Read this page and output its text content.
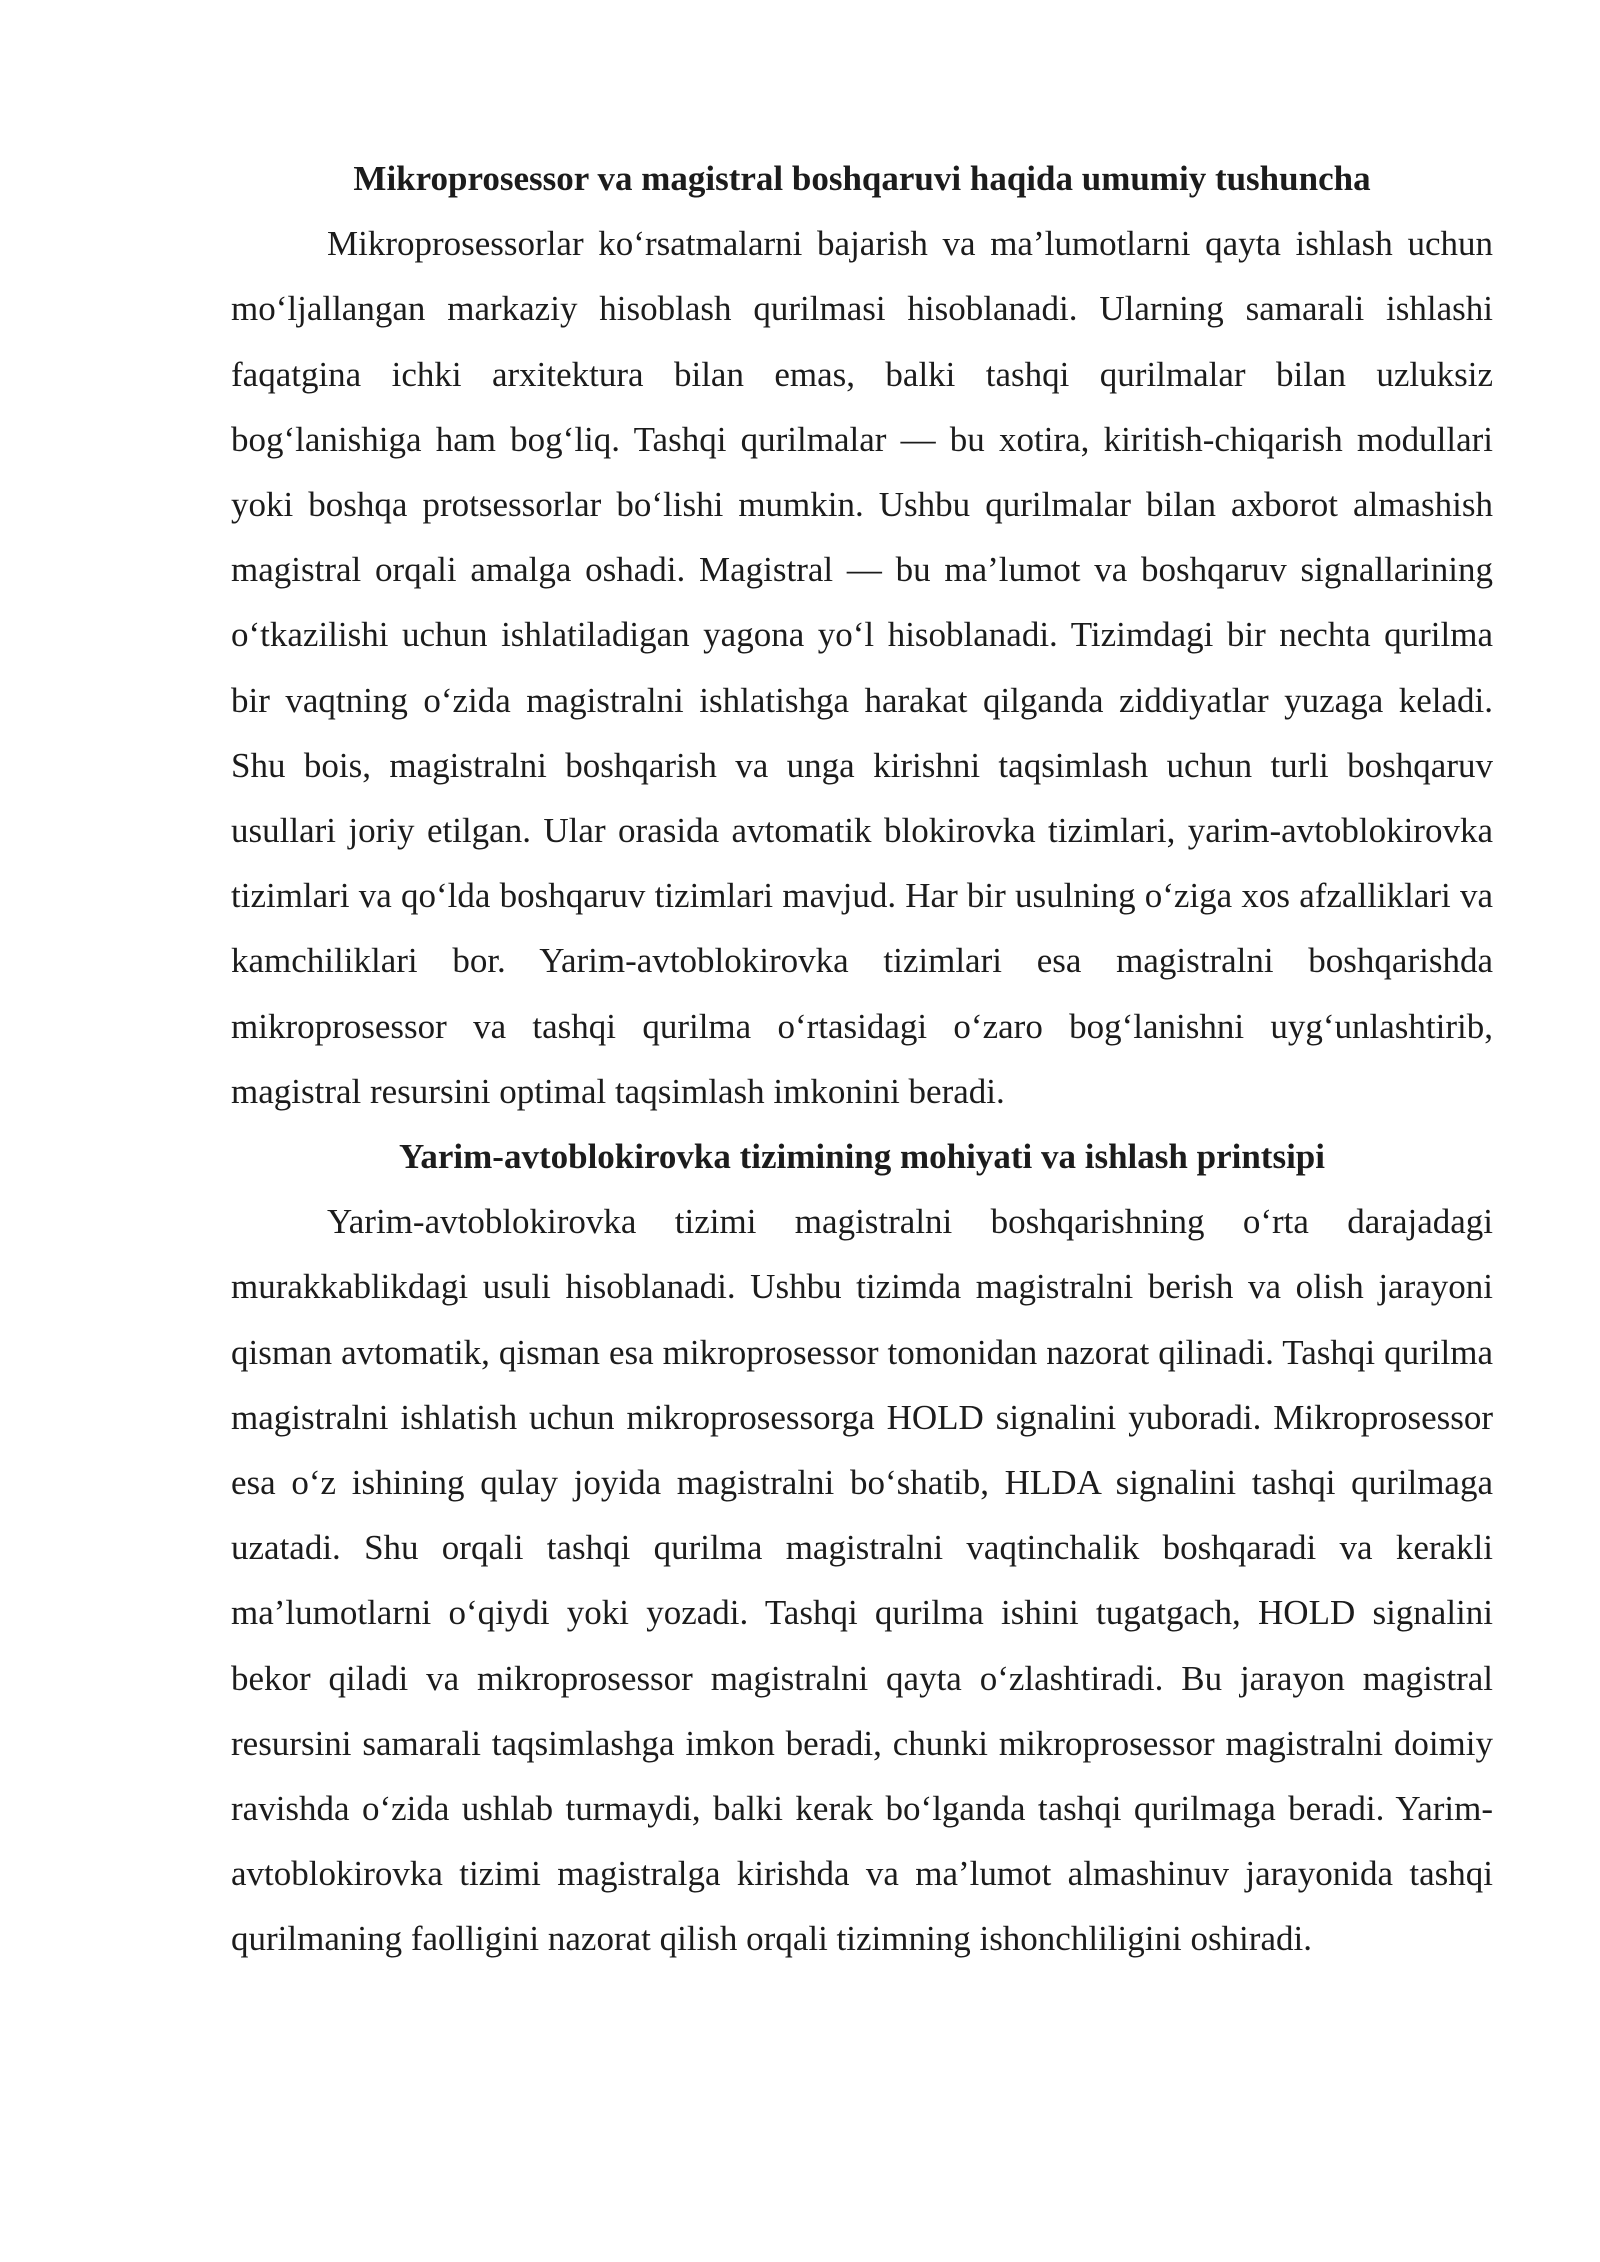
Mikroprosessor va magistral boshqaruvi haqida umumiy tushuncha

Mikroprosessorlar ko‘rsatmalarni bajarish va ma’lumotlarni qayta ishlash uchun mo‘ljallangan markaziy hisoblash qurilmasi hisoblanadi. Ularning samarali ishlashi faqatgina ichki arxitektura bilan emas, balki tashqi qurilmalar bilan uzluksiz bog‘lanishiga ham bog‘liq. Tashqi qurilmalar — bu xotira, kiritish-chiqarish modullari yoki boshqa protsessorlar bo‘lishi mumkin. Ushbu qurilmalar bilan axborot almashish magistral orqali amalga oshadi. Magistral — bu ma’lumot va boshqaruv signallarining o‘tkazilishi uchun ishlatiladigan yagona yo‘l hisoblanadi. Tizimdagi bir nechta qurilma bir vaqtning o‘zida magistralni ishlatishga harakat qilganda ziddiyatlar yuzaga keladi. Shu bois, magistralni boshqarish va unga kirishni taqsimlash uchun turli boshqaruv usullari joriy etilgan. Ular orasida avtomatik blokirovka tizimlari, yarim-avtoblokirovka tizimlari va qo‘lda boshqaruv tizimlari mavjud. Har bir usulning o‘ziga xos afzalliklari va kamchiliklari bor. Yarim-avtoblokirovka tizimlari esa magistralni boshqarishda mikroprosessor va tashqi qurilma o‘rtasidagi o‘zaro bog‘lanishni uyg‘unlashtirib, magistral resursini optimal taqsimlash imkonini beradi.

Yarim-avtoblokirovka tizimining mohiyati va ishlash printsipi

Yarim-avtoblokirovka tizimi magistralni boshqarishning o‘rta darajadagi murakkablikdagi usuli hisoblanadi. Ushbu tizimda magistralni berish va olish jarayoni qisman avtomatik, qisman esa mikroprosessor tomonidan nazorat qilinadi. Tashqi qurilma magistralni ishlatish uchun mikroprosessorga HOLD signalini yuboradi. Mikroprosessor esa o‘z ishining qulay joyida magistralni bo‘shatib, HLDA signalini tashqi qurilmaga uzatadi. Shu orqali tashqi qurilma magistralni vaqtinchalik boshqaradi va kerakli ma’lumotlarni o‘qiydi yoki yozadi. Tashqi qurilma ishini tugatgach, HOLD signalini bekor qiladi va mikroprosessor magistralni qayta o‘zlashtiradi. Bu jarayon magistral resursini samarali taqsimlashga imkon beradi, chunki mikroprosessor magistralni doimiy ravishda o‘zida ushlab turmaydi, balki kerak bo‘lganda tashqi qurilmaga beradi. Yarim-avtoblokirovka tizimi magistralga kirishda va ma’lumot almashinuv jarayonida tashqi qurilmaning faolligini nazorat qilish orqali tizimning ishonchliligini oshiradi.
